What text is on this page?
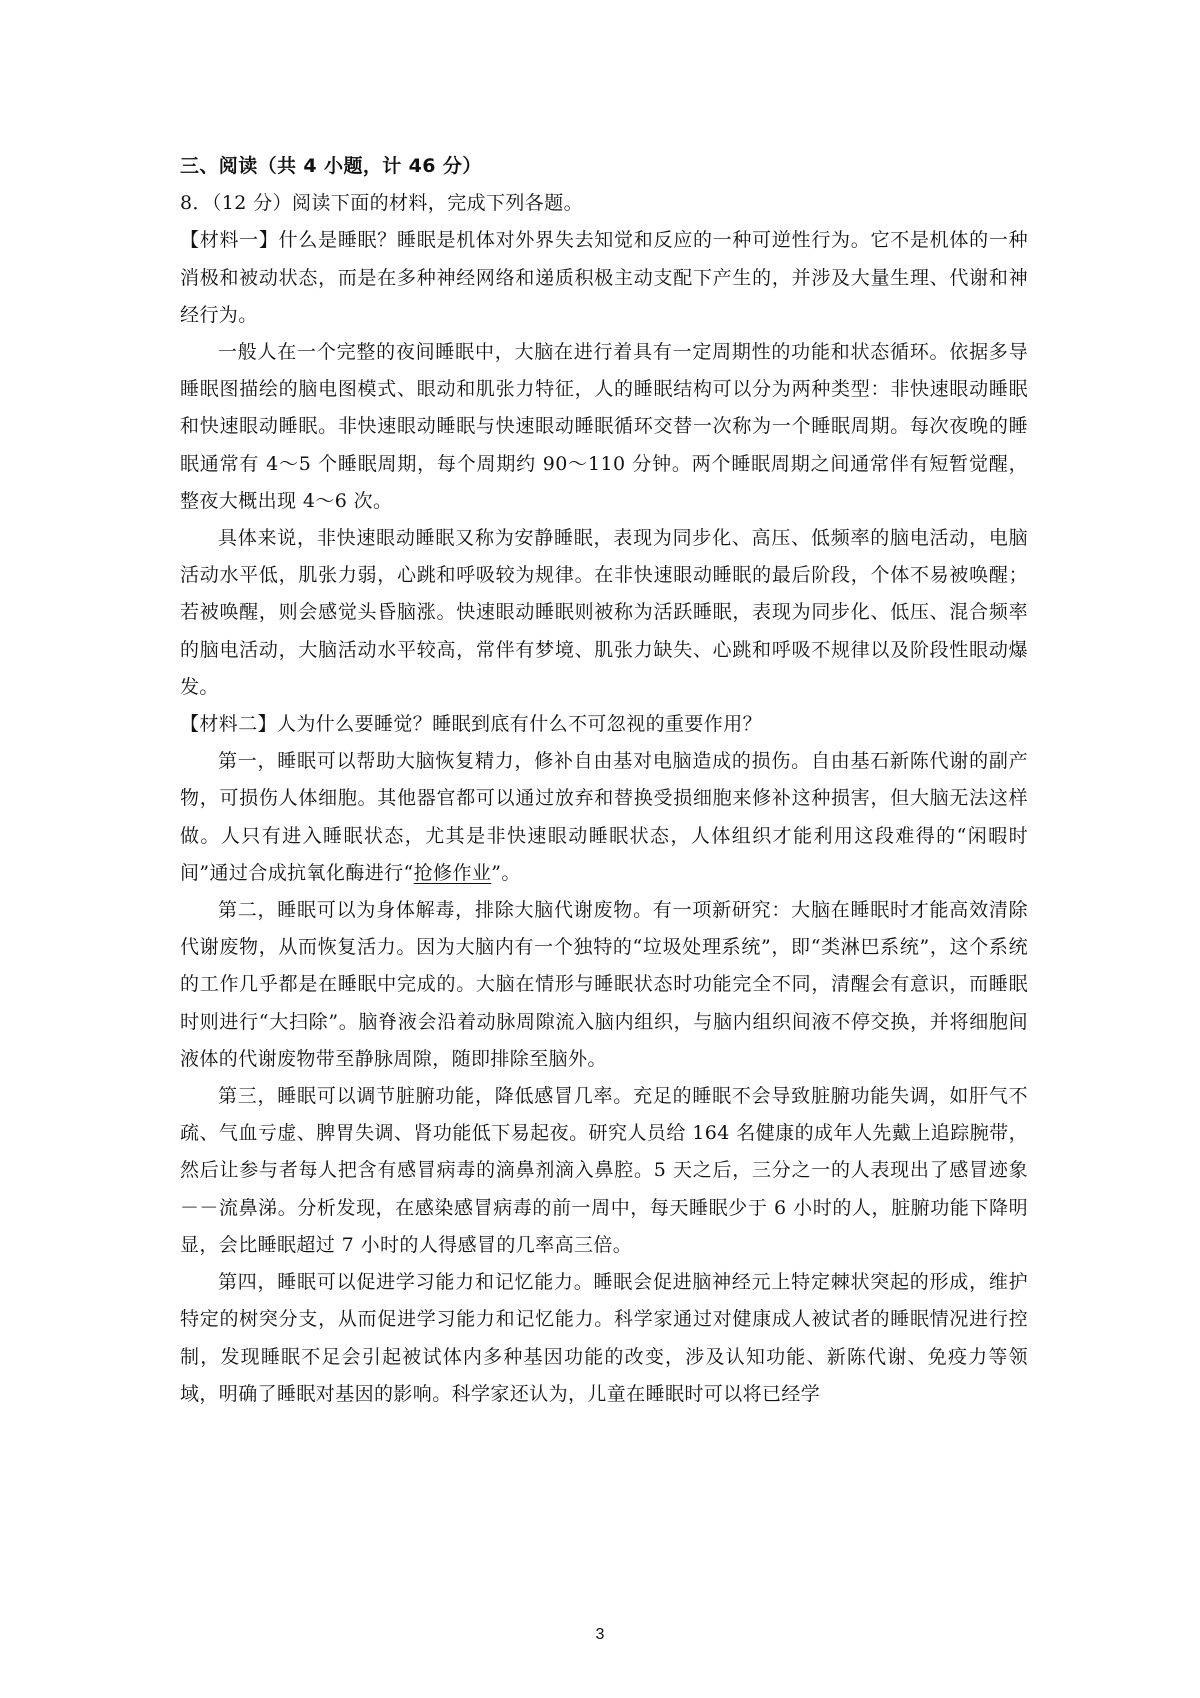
三、阅读（共 4 小题，计 46 分）

8．（12 分）阅读下面的材料，完成下列各题。

【材料一】什么是睡眠？睡眠是机体对外界失去知觉和反应的一种可逆性行为。它不是机体的一种消极和被动状态，而是在多种神经网络和递质积极主动支配下产生的，并涉及大量生理、代谢和神经行为。

一般人在一个完整的夜间睡眠中，大脑在进行着具有一定周期性的功能和状态循环。依据多导睡眠图描绘的脑电图模式、眼动和肌张力特征，人的睡眠结构可以分为两种类型：非快速眼动睡眠和快速眼动睡眠。非快速眼动睡眠与快速眼动睡眠循环交替一次称为一个睡眠周期。每次夜晚的睡眠通常有 4～5 个睡眠周期，每个周期约 90～110 分钟。两个睡眠周期之间通常伴有短暂觉醒，整夜大概出现 4～6 次。

具体来说，非快速眼动睡眠又称为安静睡眠，表现为同步化、高压、低频率的脑电活动，电脑活动水平低，肌张力弱，心跳和呼吸较为规律。在非快速眼动睡眠的最后阶段，个体不易被唤醒；若被唤醒，则会感觉头昏脑涨。快速眼动睡眠则被称为活跃睡眠，表现为同步化、低压、混合频率的脑电活动，大脑活动水平较高，常伴有梦境、肌张力缺失、心跳和呼吸不规律以及阶段性眼动爆发。

【材料二】人为什么要睡觉？睡眠到底有什么不可忽视的重要作用？

第一，睡眠可以帮助大脑恢复精力，修补自由基对电脑造成的损伤。自由基石新陈代谢的副产物，可损伤人体细胞。其他器官都可以通过放弃和替换受损细胞来修补这种损害，但大脑无法这样做。人只有进入睡眠状态，尤其是非快速眼动睡眠状态，人体组织才能利用这段难得的“闲暇时间”通过合成抗氧化酶进行“抢修作业”。

第二，睡眠可以为身体解毒，排除大脑代谢废物。有一项新研究：大脑在睡眠时才能高效清除代谢废物，从而恢复活力。因为大脑内有一个独特的“垃圾处理系统”，即“类淋巴系统”，这个系统的工作几乎都是在睡眠中完成的。大脑在情形与睡眠状态时功能完全不同，清醒会有意识，而睡眠时则进行“大扫除”。脑脊液会沿着动脉周隙流入脑内组织，与脑内组织间液不停交换，并将细胞间液体的代谢废物带至静脉周隙，随即排除至脑外。

第三，睡眠可以调节脏腑功能，降低感冒几率。充足的睡眠不会导致脏腑功能失调，如肝气不疏、气血亏虚、脾胃失调、肾功能低下易起夜。研究人员给 164 名健康的成年人先戴上追踪腕带，然后让参与者每人把含有感冒病毒的滴鼻剂滴入鼻腔。5 天之后，三分之一的人表现出了感冒迹象－－流鼻涕。分析发现，在感染感冒病毒的前一周中，每天睡眠少于 6 小时的人，脏腑功能下降明显，会比睡眠超过 7 小时的人得感冒的几率高三倍。

第四，睡眠可以促进学习能力和记忆能力。睡眠会促进脑神经元上特定棘状突起的形成，维护特定的树突分支，从而促进学习能力和记忆能力。科学家通过对健康成人被试者的睡眠情况进行控制，发现睡眠不足会引起被试体内多种基因功能的改变，涉及认知功能、新陈代谢、免疫力等领域，明确了睡眠对基因的影响。科学家还认为，儿童在睡眠时可以将已经学

3
